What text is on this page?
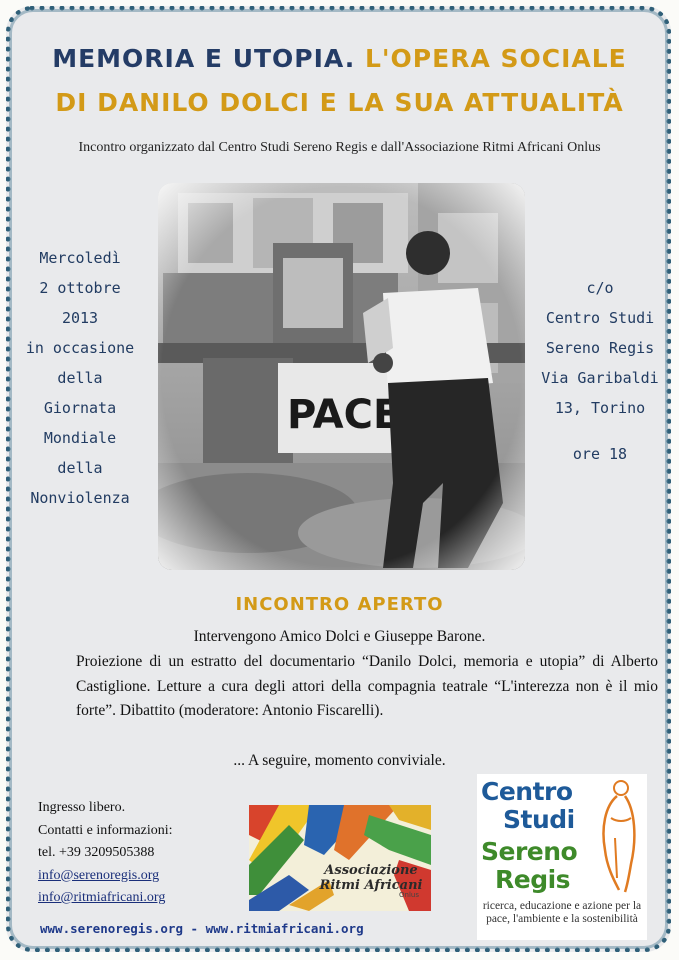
MEMORIA E UTOPIA. L'OPERA SOCIALE
DI DANILO DOLCI E LA SUA ATTUALITÀ
Incontro organizzato dal Centro Studi Sereno Regis e dall'Associazione Ritmi Africani Onlus
Mercoledì
2 ottobre
2013
in occasione
della
Giornata
Mondiale
della
Nonviolenza
c/o
Centro Studi
Sereno Regis
Via Garibaldi
13, Torino
ore 18
INCONTRO APERTO
Intervengono Amico Dolci e Giuseppe Barone.
Proiezione di un estratto del documentario “Danilo Dolci, memoria e utopia” di Alberto Castiglione. Letture a cura degli attori della compagnia teatrale “L'interezza non è il mio forte”. Dibattito (moderatore: Antonio Fiscarelli).
... A seguire, momento conviviale.
Ingresso libero.
Contatti e informazioni:
tel. +39 3209505388
info@serenoregis.org
info@ritmiafricani.org
Associazione
Ritmi Africani
Onlus
Centro
Studi
Sereno
Regis
ricerca, educazione e azione per la pace, l'ambiente e la sostenibilità
www.serenoregis.org - www.ritmiafricani.org
